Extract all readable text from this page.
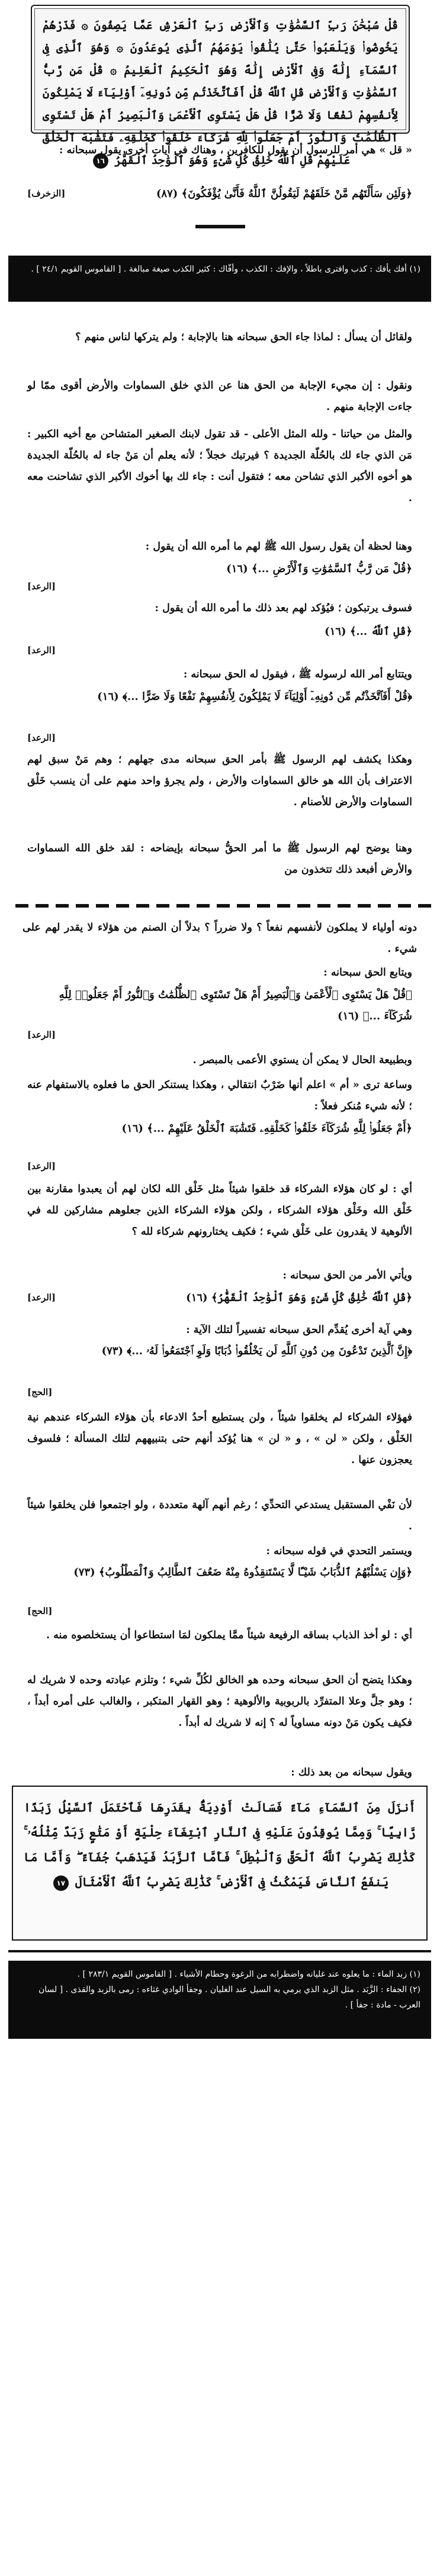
قُلْ سُبْحَٰنَ رَبِّ ٱلسَّمَٰوَٰتِ وَٱلْأَرْضِ رَبِّ ٱلْعَرْشِ عَمَّا يَصِفُونَ ۞ فَذَرْهُمْ يَخُوضُوا۟ وَيَلْعَبُوا۟ حَتَّىٰ يُلَٰقُوا۟ يَوْمَهُمُ ٱلَّذِى يُوعَدُونَ ۞ وَهُوَ ٱلَّذِى فِى ٱلسَّمَآءِ إِلَٰهٌ وَفِى ٱلْأَرْضِ إِلَٰهٌ وَهُوَ ٱلْحَكِيمُ ٱلْعَلِيمُ ۞ قُلْ مَن رَّبُّ ٱلسَّمَٰوَٰتِ وَٱلْأَرْضِ قُلِ ٱللَّهُ قُلْ أَفَٱتَّخَذْتُم مِّن دُونِهِۦٓ أَوْلِيَآءَ لَا يَمْلِكُونَ لِأَنفُسِهِمْ نَفْعًا وَلَا ضَرًّا قُلْ هَلْ يَسْتَوِى ٱلْأَعْمَىٰ وَٱلْبَصِيرُ أَمْ هَلْ تَسْتَوِى ٱلظُّلُمَٰتُ وَٱلنُّورُ أَمْ جَعَلُوا۟ لِلَّهِ شُرَكَآءَ خَلَقُوا۟ كَخَلْقِهِۦ فَتَشَٰبَهَ ٱلْخَلْقُ عَلَيْهِمْ قُلِ ٱللَّهُ خَٰلِقُ كُلِّ شَىْءٍ وَهُوَ ٱلْوَٰحِدُ ٱلْقَهَّٰرُ ١٦

« قل » هي أمر للرسول أن يقول للكافرين ، وهناك في آيات أخرى يقول سبحانه :

﴿وَلَئِن سَأَلْتَهُم مَّنْ خَلَقَهُمْ لَيَقُولُنَّ ٱللَّهُ فَأَنَّىٰ يُؤْفَكُونَ﴾ (٨٧)

[الزخرف]

(١) أفك يأفك : كذب وافترى باطلاً ، والإفك : الكذب ، وأفّاك : كثير الكذب صيغة مبالغة . [ القاموس القويم ٢٤/١ ] .

ولقائل أن يسأل : لماذا جاء الحق سبحانه هنا بالإجابة ؛ ولم يتركها لناس منهم ؟

ونقول : إن مجيء الإجابة من الحق هنا عن الذي خلق السماوات والأرض أقوى ممّا لو جاءت الإجابة منهم .

والمثل من حياتنا - ولله المثل الأعلى - قد تقول لابنك الصغير المتشاحن مع أخيه الكبير : مَن الذي جاء لك بالحُلّة الجديدة ؟ فيرتبك خجلاً ؛ لأنه يعلم أن مَنْ جاء له بالحُلّة الجديدة هو أخوه الأكبر الذي تشاحن معه ؛ فتقول أنت : جاء لك بها أخوك الأكبر الذي تشاحنت معه .

وهنا لحظة أن يقول رسول الله ﷺ لهم ما أمره الله أن يقول :

﴿قُلْ مَن رَّبُّ ٱلسَّمَٰوَٰتِ وَٱلْأَرْضِ ...﴾ (١٦)

[الرعد]

فسوف يرتبكون ؛ فيُؤكد لهم بعد ذلك ما أمره الله أن يقول :

﴿قُلِ ٱللَّهُ ...﴾ (١٦)

[الرعد]

ويتتابع أمر الله لرسوله ﷺ ، فيقول له الحق سبحانه :

﴿قُلْ أَفَٱتَّخَذْتُم مِّن دُونِهِۦٓ أَوْلِيَآءَ لَا يَمْلِكُونَ لِأَنفُسِهِمْ نَفْعًا وَلَا ضَرًّا ...﴾ (١٦)

[الرعد]

وهكذا يكشف لهم الرسول ﷺ بأمر الحق سبحانه مدى جهلهم ؛ وهم مَنْ سبق لهم الاعتراف بأن الله هو خالق السماوات والأرض ، ولم يجرؤ واحد منهم على أن ينسب خَلْق السماوات والأرض للأصنام .

وهنا يوضح لهم الرسول ﷺ ما أمر الحقُّ سبحانه بإيضاحه : لقد خلق الله السماوات والأرض أفبعد ذلك تتخذون من

دونه أولياء لا يملكون لأنفسهم نفعاً ؟ ولا ضرراً ؟ بدلاً أن الصنم من هؤلاء لا يقدر لهم على شيء .

ويتابع الحق سبحانه :

﴿قُلْ هَلْ يَسْتَوِى ٱلْأَعْمَىٰ وَٱلْبَصِيرُ أَمْ هَلْ تَسْتَوِى ٱلظُّلُمَٰتُ وَٱلنُّورُ أَمْ جَعَلُوا۟ لِلَّهِ شُرَكَآءَ ...﴾ (١٦)

[الرعد]

وبطبيعة الحال لا يمكن أن يستوي الأعمى بالمبصر .

وساعة ترى « أم » اعلم أنها ضَرْبٌ انتقالي ، وهكذا يستنكر الحق ما فعلوه بالاستفهام عنه ؛ لأنه شيء مُنكر فعلاً :

﴿أَمْ جَعَلُوا۟ لِلَّهِ شُرَكَآءَ خَلَقُوا۟ كَخَلْقِهِۦ فَتَشَٰبَهَ ٱلْخَلْقُ عَلَيْهِمْ ...﴾ (١٦)

[الرعد]

أي : لو كان هؤلاء الشركاء قد خلقوا شيئاً مثل خَلْق الله لكان لهم أن يعبدوا مقارنة بين خَلْق الله وخَلْق هؤلاء الشركاء ، ولكن هؤلاء الشركاء الذين جعلوهم مشاركين لله في الألوهية لا يقدرون على خَلْق شيء ؛ فكيف يختارونهم شركاء لله ؟

ويأتي الأمر من الحق سبحانه :

﴿قُلِ ٱللَّهُ خَٰلِقُ كُلِّ شَىْءٍ وَهُوَ ٱلْوَٰحِدُ ٱلْقَهَّٰرُ﴾ (١٦)

[الرعد]

وهي آية أخرى يُقدِّم الحق سبحانه تفسيراً لتلك الآية :

﴿إِنَّ ٱلَّذِينَ تَدْعُونَ مِن دُونِ ٱللَّهِ لَن يَخْلُقُوا۟ ذُبَابًا وَلَوِ ٱجْتَمَعُوا۟ لَهُۥ ...﴾ (٧٣)

[الحج]

فهؤلاء الشركاء لم يخلقوا شيئاً ، ولن يستطيع أحدُ الادعاء بأن هؤلاء الشركاء عندهم نية الخَلْق ، ولكن « لن » ، و « لن » هنا يُؤكد أنهم حتى بتنبيههم لتلك المسألة ؛ فلسوف يعجزون عنها .

لأن نَفْي المستقبل يستدعي التحدِّي ؛ رغم أنهم آلهة متعددة ، ولو اجتمعوا فلن يخلقوا شيئاً .

ويستمر التحدي في قوله سبحانه :

﴿وَإِن يَسْلُبْهُمُ ٱلذُّبَابُ شَيْـًٔا لَّا يَسْتَنقِذُوهُ مِنْهُ ضَعُفَ ٱلطَّالِبُ وَٱلْمَطْلُوبُ﴾ (٧٣)

[الحج]

أي : لو أخذ الذباب بساقه الرفيعة شيئاً ممَّا يملكون لمَا استطاعوا أن يستخلصوه منه .

وهكذا يتضح أن الحق سبحانه وحده هو الخالق لكُلِّ شيء ؛ وتلزم عبادته وحده لا شريك له ؛ وهو جلَّ وعلا المتفرِّد بالربوبية والألوهية ؛ وهو القهار المتكبر ، والغالب على أمره أبداً ، فكيف يكون مَنْ دونه مساوياً له ؟ إنه لا شريك له أبداً .

ويقول سبحانه من بعد ذلك :

أَنزَلَ مِنَ ٱلسَّمَآءِ مَآءً فَسَالَتْ أَوْدِيَةٌۢ بِقَدَرِهَا فَٱحْتَمَلَ ٱلسَّيْلُ زَبَدًا رَّابِيًا ۚ وَمِمَّا يُوقِدُونَ عَلَيْهِ فِى ٱلنَّارِ ٱبْتِغَآءَ حِلْيَةٍ أَوْ مَتَٰعٍ زَبَدٌ مِّثْلُهُۥ ۚ كَذَٰلِكَ يَضْرِبُ ٱللَّهُ ٱلْحَقَّ وَٱلْبَٰطِلَ ۚ فَأَمَّا ٱلزَّبَدُ فَيَذْهَبُ جُفَآءً ۖ وَأَمَّا مَا يَنفَعُ ٱلنَّاسَ فَيَمْكُثُ فِى ٱلْأَرْضِ ۚ كَذَٰلِكَ يَضْرِبُ ٱللَّهُ ٱلْأَمْثَالَ ١٧

(١) زبد الماء : ما يعلوه عند غليانه واضطرابه من الرغوة وحطام الأشياء . [ القاموس القويم ٢٨٣/١ ] .

(٢) الجفاء : الزَّبَد . مثل الزبد الذي يرمي به السيل عند الغليان . وجفأ الوادي غثاءه : رمى بالزبد والقذى . [ لسان العرب - مادة : جفأ ] .
